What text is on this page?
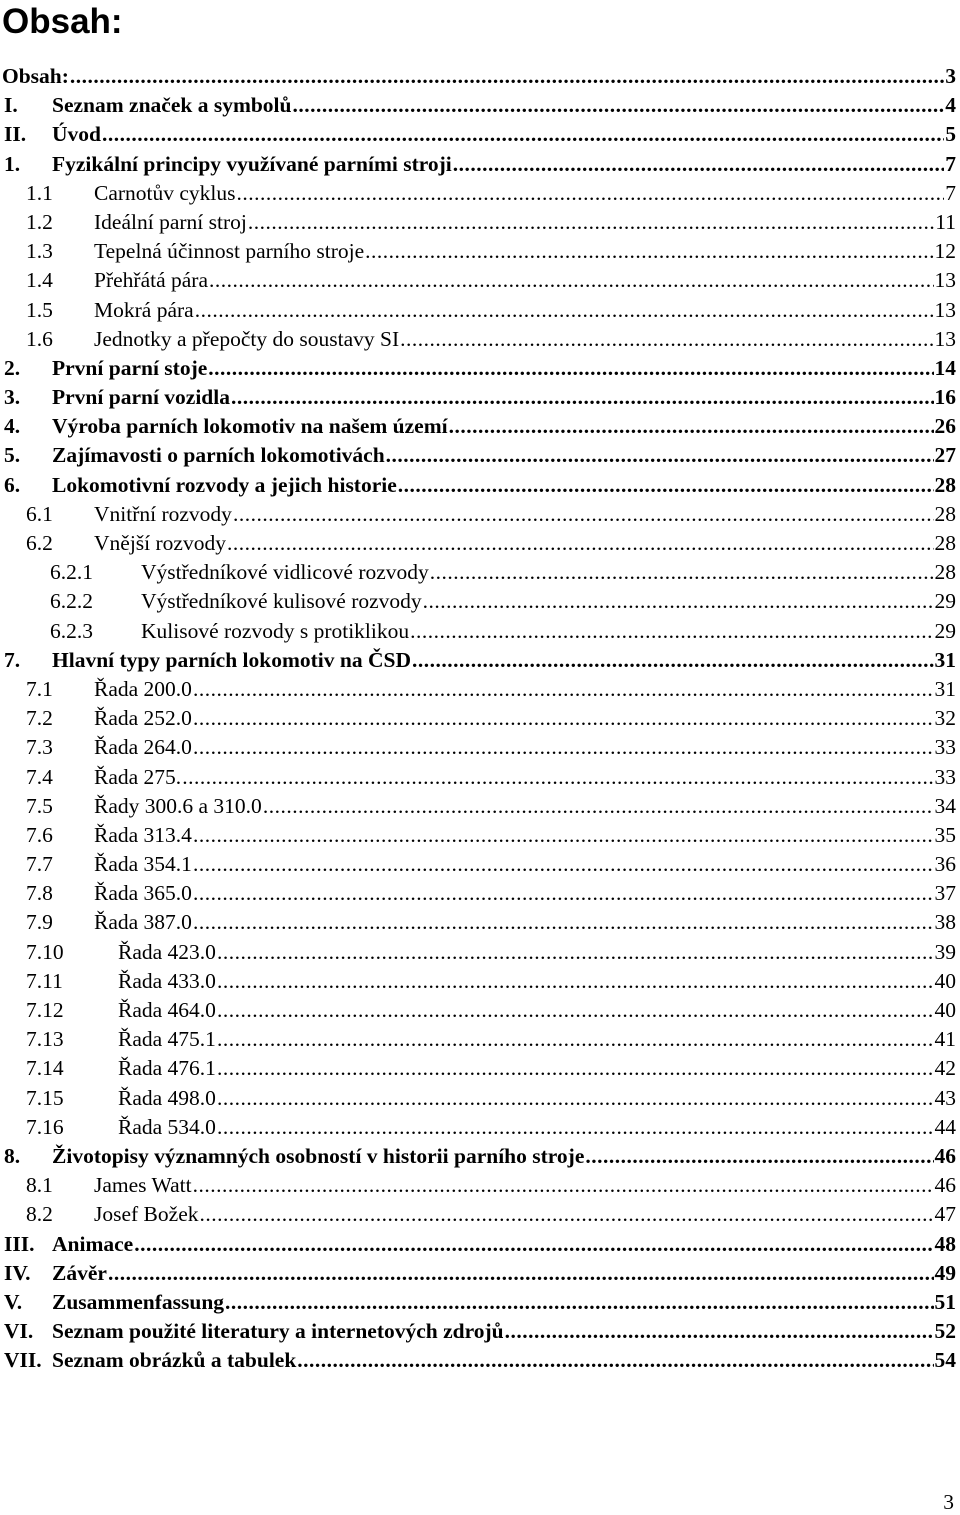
Obsah:
Obsah: .....	3
I. Seznam značek a symbolů .....	4
II. Úvod .....	5
1. Fyzikální principy využívané parními stroji .....	7
1.1 Carnotův cyklus .....	7
1.2 Ideální parní stroj .....	11
1.3 Tepelná účinnost parního stroje .....	12
1.4 Přehřátá pára .....	13
1.5 Mokrá pára .....	13
1.6 Jednotky a přepočty do soustavy SI .....	13
2. První parní stoje .....	14
3. První parní vozidla .....	16
4. Výroba parních lokomotiv na našem území .....	26
5. Zajímavosti o parních lokomotivách .....	27
6. Lokomotivní rozvody a jejich historie .....	28
6.1 Vnitřní rozvody .....	28
6.2 Vnější rozvody .....	28
6.2.1 Výstředníkové vidlicové rozvody .....	28
6.2.2 Výstředníkové kulisové rozvody .....	29
6.2.3 Kulisové rozvody s protiklikou .....	29
7. Hlavní typy parních lokomotiv na ČSD .....	31
7.1 Řada 200.0 .....	31
7.2 Řada 252.0 .....	32
7.3 Řada 264.0 .....	33
7.4 Řada 275. .....	33
7.5 Řady 300.6 a 310.0 .....	34
7.6 Řada 313.4 .....	35
7.7 Řada 354.1 .....	36
7.8 Řada 365.0 .....	37
7.9 Řada 387.0 .....	38
7.10	Řada 423.0 .....	39
7.11	Řada 433.0 .....	40
7.12	Řada 464.0 .....	40
7.13	Řada 475.1 .....	41
7.14	Řada 476.1 .....	42
7.15	Řada 498.0 .....	43
7.16	Řada 534.0 .....	44
8. Životopisy významných osobností v historii parního stroje .....	46
8.1 James Watt .....	46
8.2 Josef Božek .....	47
III. Animace .....	48
IV. Závěr .....	49
V. Zusammenfassung .....	51
VI. Seznam použité literatury a internetových zdrojů .....	52
VII. Seznam obrázků a tabulek .....	54
3
